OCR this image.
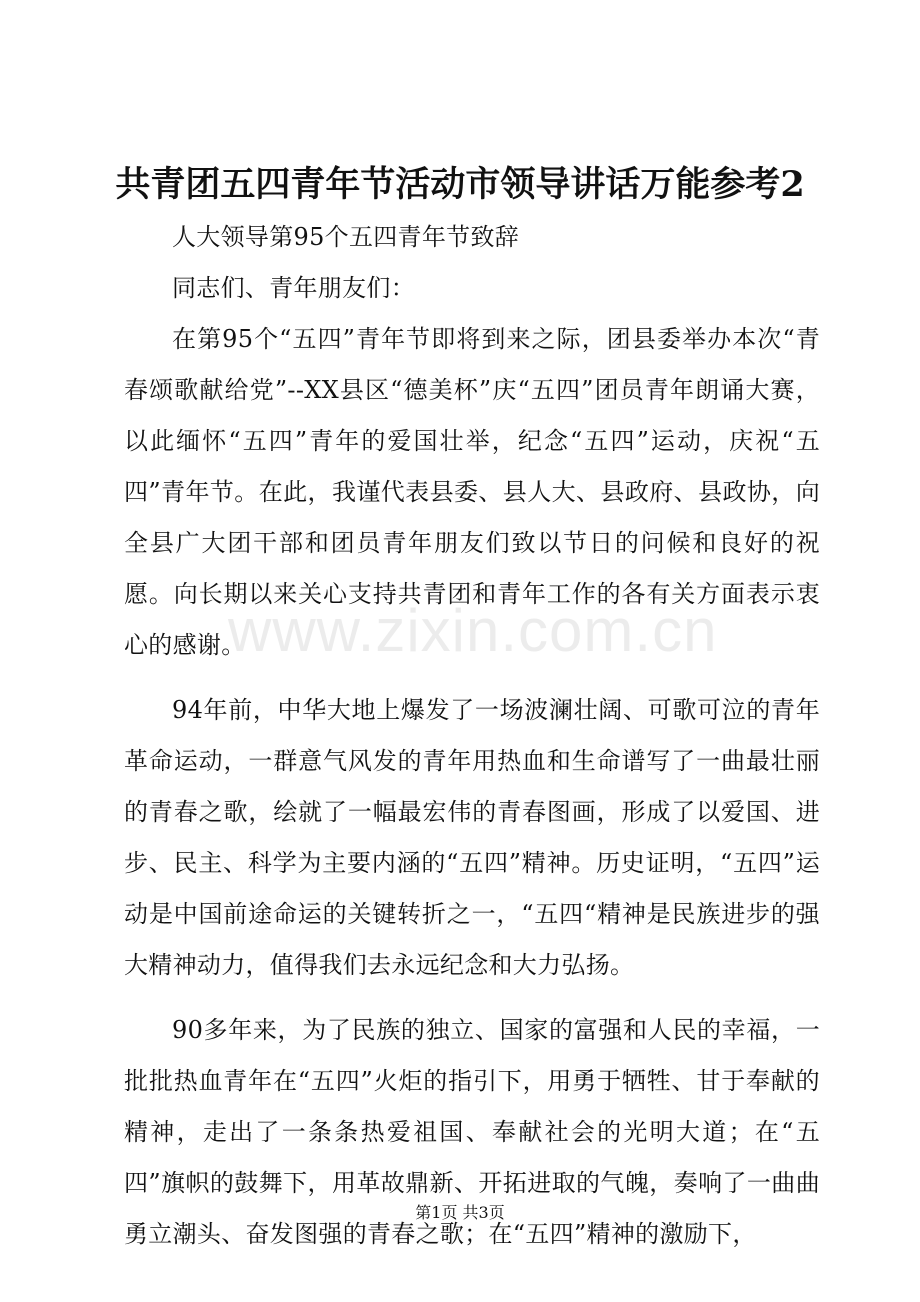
共青团五四青年节活动市领导讲话万能参考2

人大领导第95个五四青年节致辞

同志们、青年朋友们：

在第95个“五四”青年节即将到来之际，团县委举办本次“青春颂歌献给党”--XX县区“德美杯”庆“五四”团员青年朗诵大赛，以此缅怀“五四”青年的爱国壮举，纪念“五四”运动，庆祝“五四”青年节。在此，我谨代表县委、县人大、县政府、县政协，向全县广大团干部和团员青年朋友们致以节日的问候和良好的祝愿。向长期以来关心支持共青团和青年工作的各有关方面表示衷心的感谢。

94年前，中华大地上爆发了一场波澜壮阔、可歌可泣的青年革命运动，一群意气风发的青年用热血和生命谱写了一曲最壮丽的青春之歌，绘就了一幅最宏伟的青春图画，形成了以爱国、进步、民主、科学为主要内涵的“五四”精神。历史证明，“五四”运动是中国前途命运的关键转折之一，“五四“精神是民族进步的强大精神动力，值得我们去永远纪念和大力弘扬。

90多年来，为了民族的独立、国家的富强和人民的幸福，一批批热血青年在“五四”火炬的指引下，用勇于牺牲、甘于奉献的精神，走出了一条条热爱祖国、奉献社会的光明大道；在“五四”旗帜的鼓舞下，用革故鼎新、开拓进取的气魄，奏响了一曲曲勇立潮头、奋发图强的青春之歌；在“五四”精神的激励下，

www.zixin.com.cn
第1页 共3页
